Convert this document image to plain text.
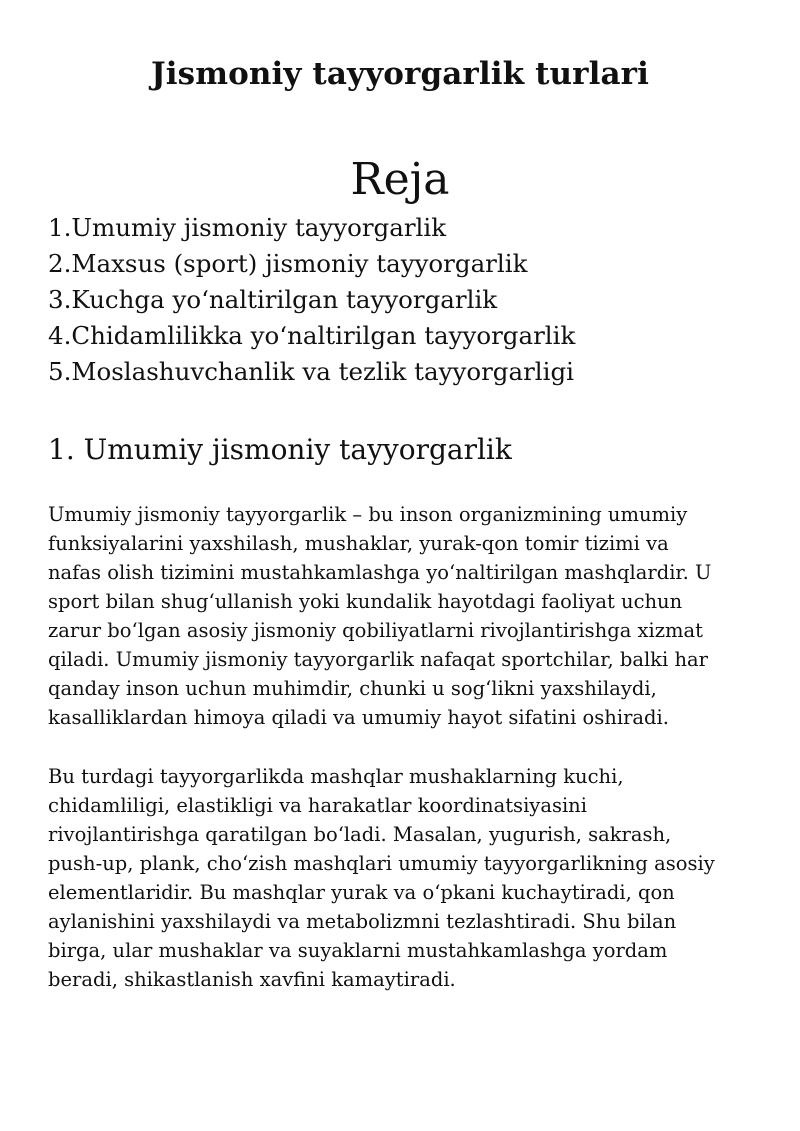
Jismoniy tayyorgarlik turlari
Reja
1.Umumiy jismoniy tayyorgarlik
2.Maxsus (sport) jismoniy tayyorgarlik
3.Kuchga yo‘naltirilgan tayyorgarlik
4.Chidamlilikka yo‘naltirilgan tayyorgarlik
5.Moslashuvchanlik va tezlik tayyorgarligi
1. Umumiy jismoniy tayyorgarlik

Umumiy jismoniy tayyorgarlik – bu inson organizmining umumiy
funksiyalarini yaxshilash, mushaklar, yurak-qon tomir tizimi va
nafas olish tizimini mustahkamlashga yo‘naltirilgan mashqlardir. U
sport bilan shug‘ullanish yoki kundalik hayotdagi faoliyat uchun
zarur bo‘lgan asosiy jismoniy qobiliyatlarni rivojlantirishga xizmat
qiladi. Umumiy jismoniy tayyorgarlik nafaqat sportchilar, balki har
qanday inson uchun muhimdir, chunki u sog‘likni yaxshilaydi,
kasalliklardan himoya qiladi va umumiy hayot sifatini oshiradi.

Bu turdagi tayyorgarlikda mashqlar mushaklarning kuchi,
chidamliligi, elastikligi va harakatlar koordinatsiyasini
rivojlantirishga qaratilgan bo‘ladi. Masalan, yugurish, sakrash,
push-up, plank, cho‘zish mashqlari umumiy tayyorgarlikning asosiy
elementlaridir. Bu mashqlar yurak va o‘pkani kuchaytiradi, qon
aylanishini yaxshilaydi va metabolizmni tezlashtiradi. Shu bilan
birga, ular mushaklar va suyaklarni mustahkamlashga yordam
beradi, shikastlanish xavfini kamaytiradi.
